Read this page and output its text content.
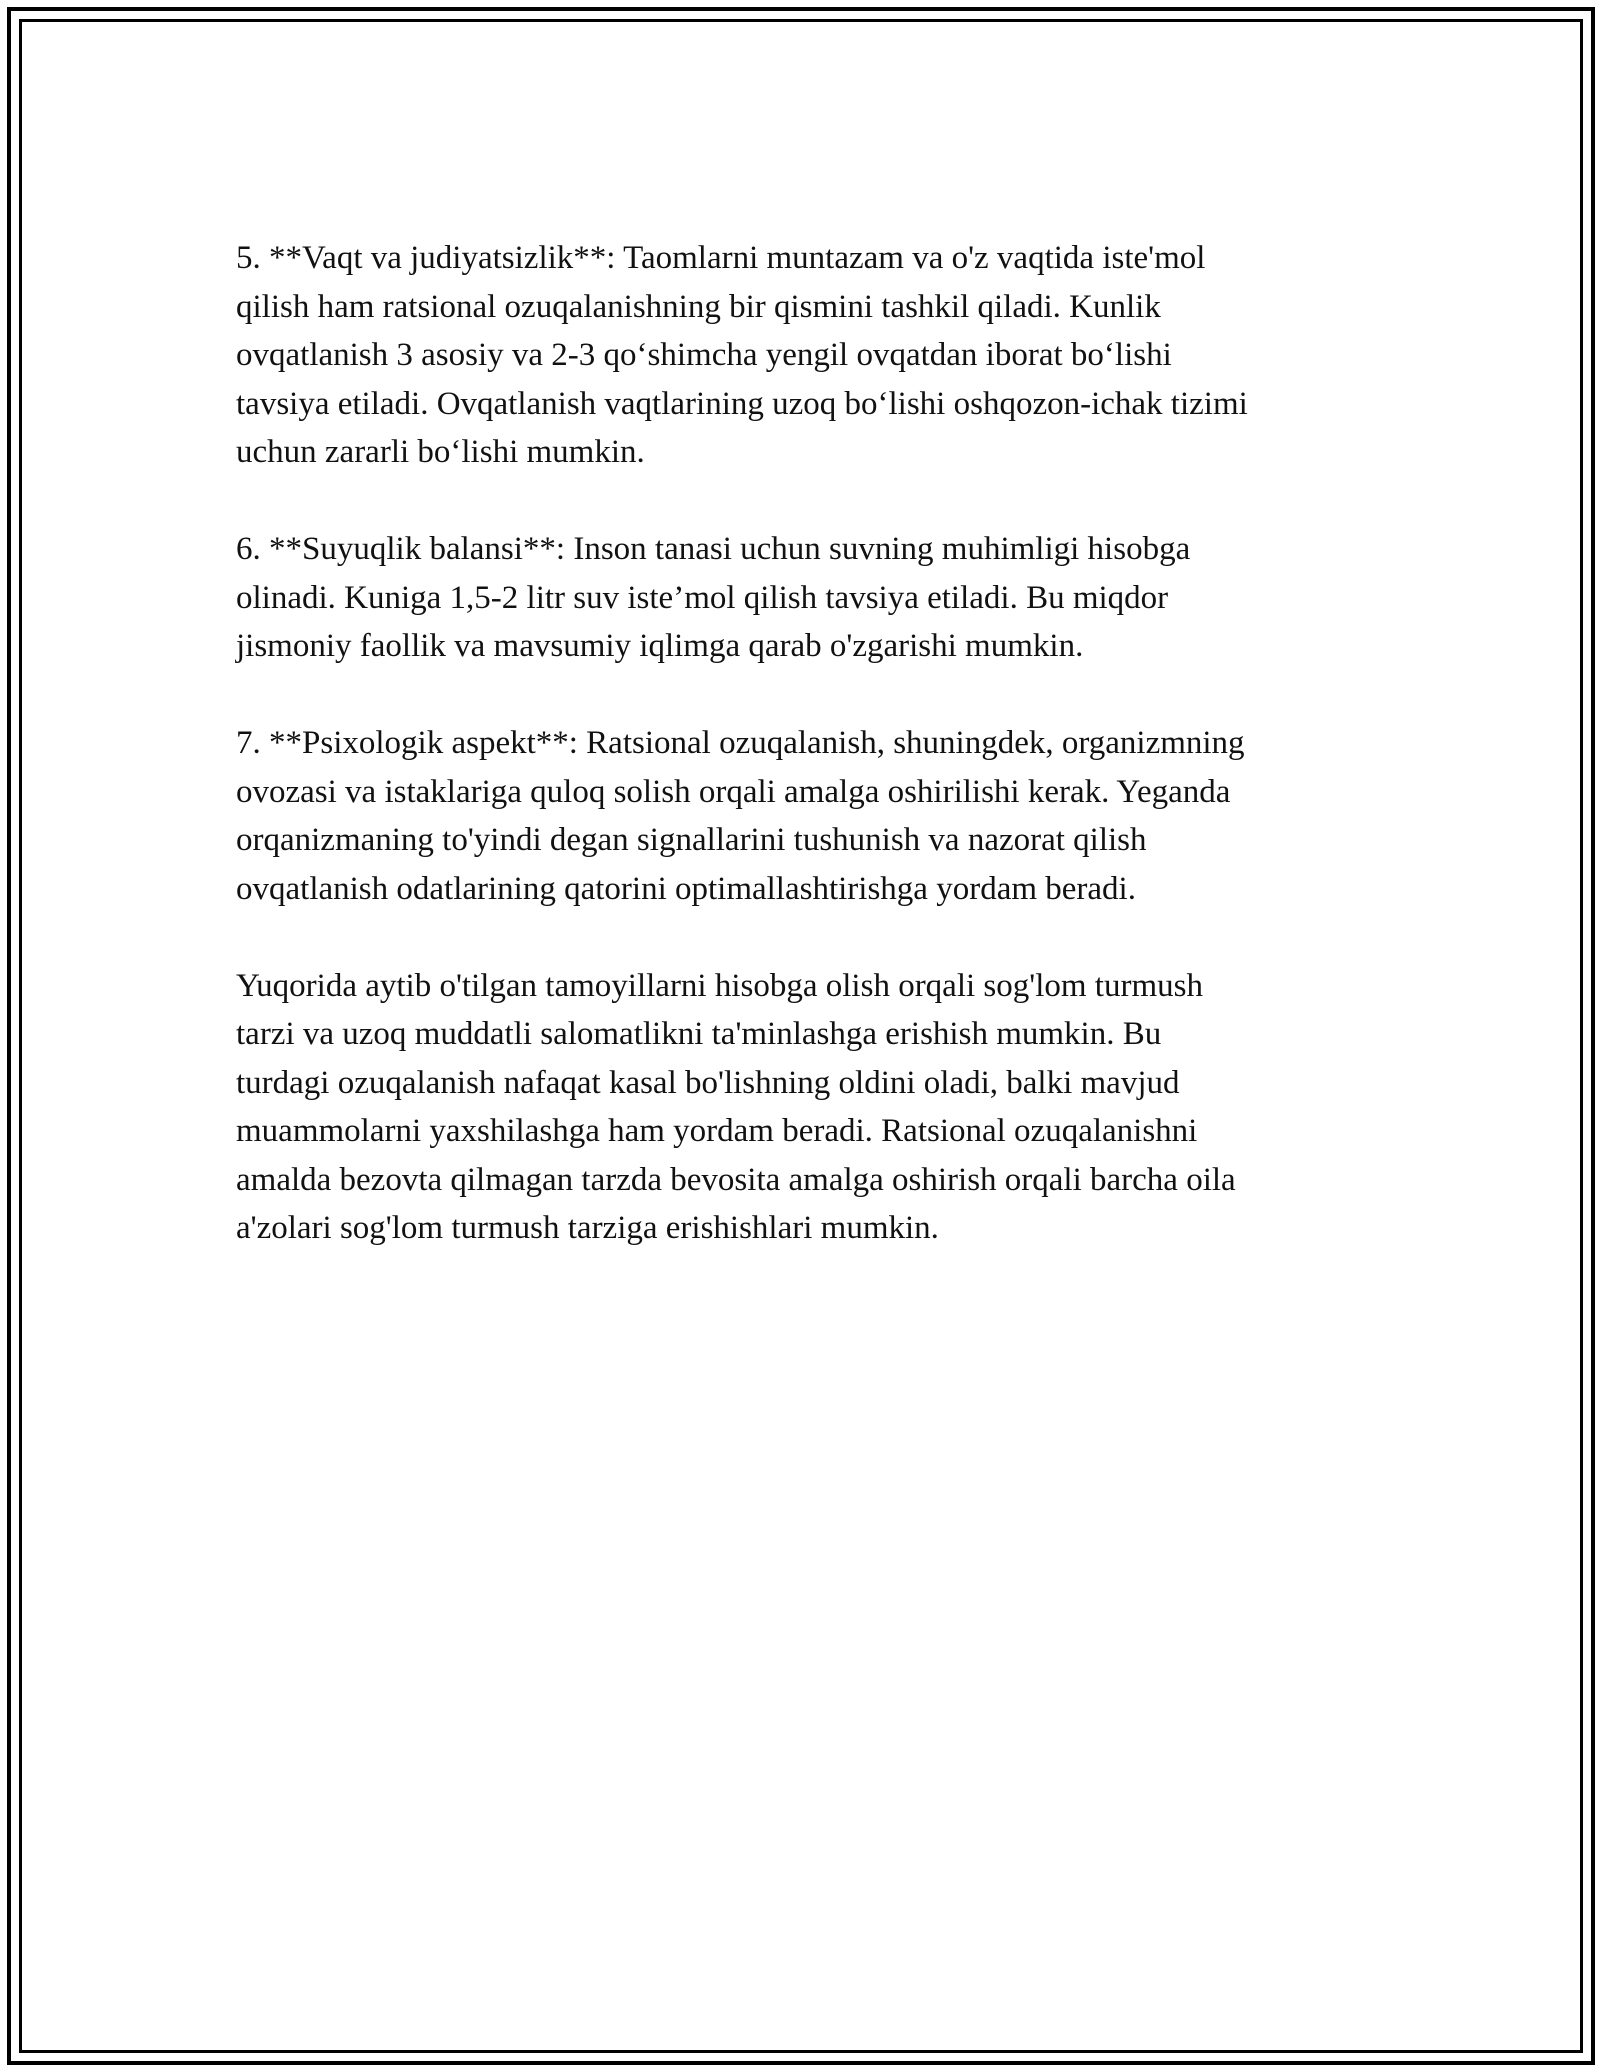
5. **Vaqt va judiyatsizlik**: Taomlarni muntazam va o'z vaqtida iste'mol
qilish ham ratsional ozuqalanishning bir qismini tashkil qiladi. Kunlik
ovqatlanish 3 asosiy va 2-3 qo‘shimcha yengil ovqatdan iborat bo‘lishi
tavsiya etiladi. Ovqatlanish vaqtlarining uzoq bo‘lishi oshqozon-ichak tizimi
uchun zararli bo‘lishi mumkin.

6. **Suyuqlik balansi**: Inson tanasi uchun suvning muhimligi hisobga
olinadi. Kuniga 1,5-2 litr suv iste’mol qilish tavsiya etiladi. Bu miqdor
jismoniy faollik va mavsumiy iqlimga qarab o'zgarishi mumkin.

7. **Psixologik aspekt**: Ratsional ozuqalanish, shuningdek, organizmning
ovozasi va istaklariga quloq solish orqali amalga oshirilishi kerak. Yeganda
orqanizmaning to'yindi degan signallarini tushunish va nazorat qilish
ovqatlanish odatlarining qatorini optimallashtirishga yordam beradi.

Yuqorida aytib o'tilgan tamoyillarni hisobga olish orqali sog'lom turmush
tarzi va uzoq muddatli salomatlikni ta'minlashga erishish mumkin. Bu
turdagi ozuqalanish nafaqat kasal bo'lishning oldini oladi, balki mavjud
muammolarni yaxshilashga ham yordam beradi. Ratsional ozuqalanishni
amalda bezovta qilmagan tarzda bevosita amalga oshirish orqali barcha oila
a'zolari sog'lom turmush tarziga erishishlari mumkin.
